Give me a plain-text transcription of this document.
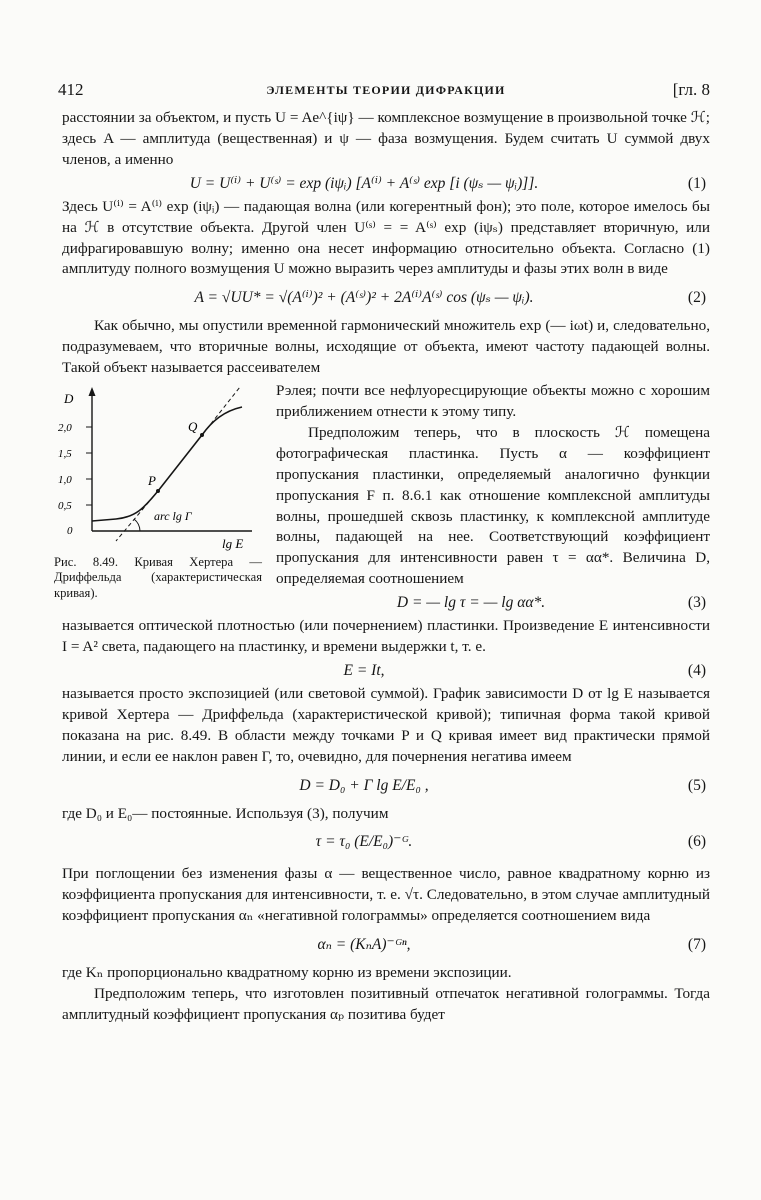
412	ЭЛЕМЕНТЫ ТЕОРИИ ДИФРАКЦИИ	[гл. 8

расстоянии за объектом, и пусть U = Ae^{iψ} — комплексное возмущение в произвольной точке ℋ; здесь A — амплитуда (вещественная) и ψ — фаза возмущения. Будем считать U суммой двух членов, а именно

U = U⁽ⁱ⁾ + U⁽ˢ⁾ = exp (iψᵢ) [A⁽ⁱ⁾ + A⁽ˢ⁾ exp [i (ψₛ — ψᵢ)]].	(1)

Здесь U⁽ⁱ⁾ = A⁽ⁱ⁾ exp (iψᵢ) — падающая волна (или когерентный фон); это поле, которое имелось бы на ℋ в отсутствие объекта. Другой член U⁽ˢ⁾ = = A⁽ˢ⁾ exp (iψₛ) представляет вторичную, или дифрагировавшую волну; именно она несет информацию относительно объекта. Согласно (1) амплитуду полного возмущения U можно выразить через амплитуды и фазы этих волн в виде

A = √UU* = √(A⁽ⁱ⁾)² + (A⁽ˢ⁾)² + 2A⁽ⁱ⁾A⁽ˢ⁾ cos (ψₛ — ψᵢ).	(2)

Как обычно, мы опустили временной гармонический множитель exp (— iωt) и, следовательно, подразумеваем, что вторичные волны, исходящие от объекта, имеют частоту падающей волны. Такой объект называется рассеивателем

D
2,0
1,5
1,0
0,5
0
P
Q
arc lg Γ
lg E
Рис. 8.49. Кривая Хертера — Дриффельда (характеристическая кривая).

Рэлея; почти все нефлуоресцирующие объекты можно с хорошим приближением отнести к этому типу.

Предположим теперь, что в плоскость ℋ помещена фотографическая пластинка. Пусть α — коэффициент пропускания пластинки, определяемый аналогично функции пропускания F п. 8.6.1 как отношение комплексной амплитуды волны, прошедшей сквозь пластинку, к комплексной амплитуде волны, падающей на нее. Соответствующий коэффициент пропускания для интенсивности равен τ = αα*. Величина D, определяемая соотношением

D = — lg τ = — lg αα*.	(3)

называется оптической плотностью (или почернением) пластинки. Произведение E интенсивности I = A² света, падающего на пластинку, и времени выдержки t, т. е.

E = It,	(4)

называется просто экспозицией (или световой суммой). График зависимости D от lg E называется кривой Хертера — Дриффельда (характеристической кривой); типичная форма такой кривой показана на рис. 8.49. В области между точками P и Q кривая имеет вид практически прямой линии, и если ее наклон равен Γ, то, очевидно, для почернения негатива имеем

D = D₀ + Γ lg E/E₀ ,	(5)

где D₀ и E₀— постоянные. Используя (3), получим

τ = τ₀ (E/E₀)⁻ᴳ.	(6)

При поглощении без изменения фазы α — вещественное число, равное квадратному корню из коэффициента пропускания для интенсивности, т. е. √τ. Следовательно, в этом случае амплитудный коэффициент пропускания αₙ «негативной голограммы» определяется соотношением вида

αₙ = (KₙA)⁻ᴳⁿ,	(7)

где Kₙ пропорционально квадратному корню из времени экспозиции.

Предположим теперь, что изготовлен позитивный отпечаток негативной голограммы. Тогда амплитудный коэффициент пропускания αₚ позитива будет
